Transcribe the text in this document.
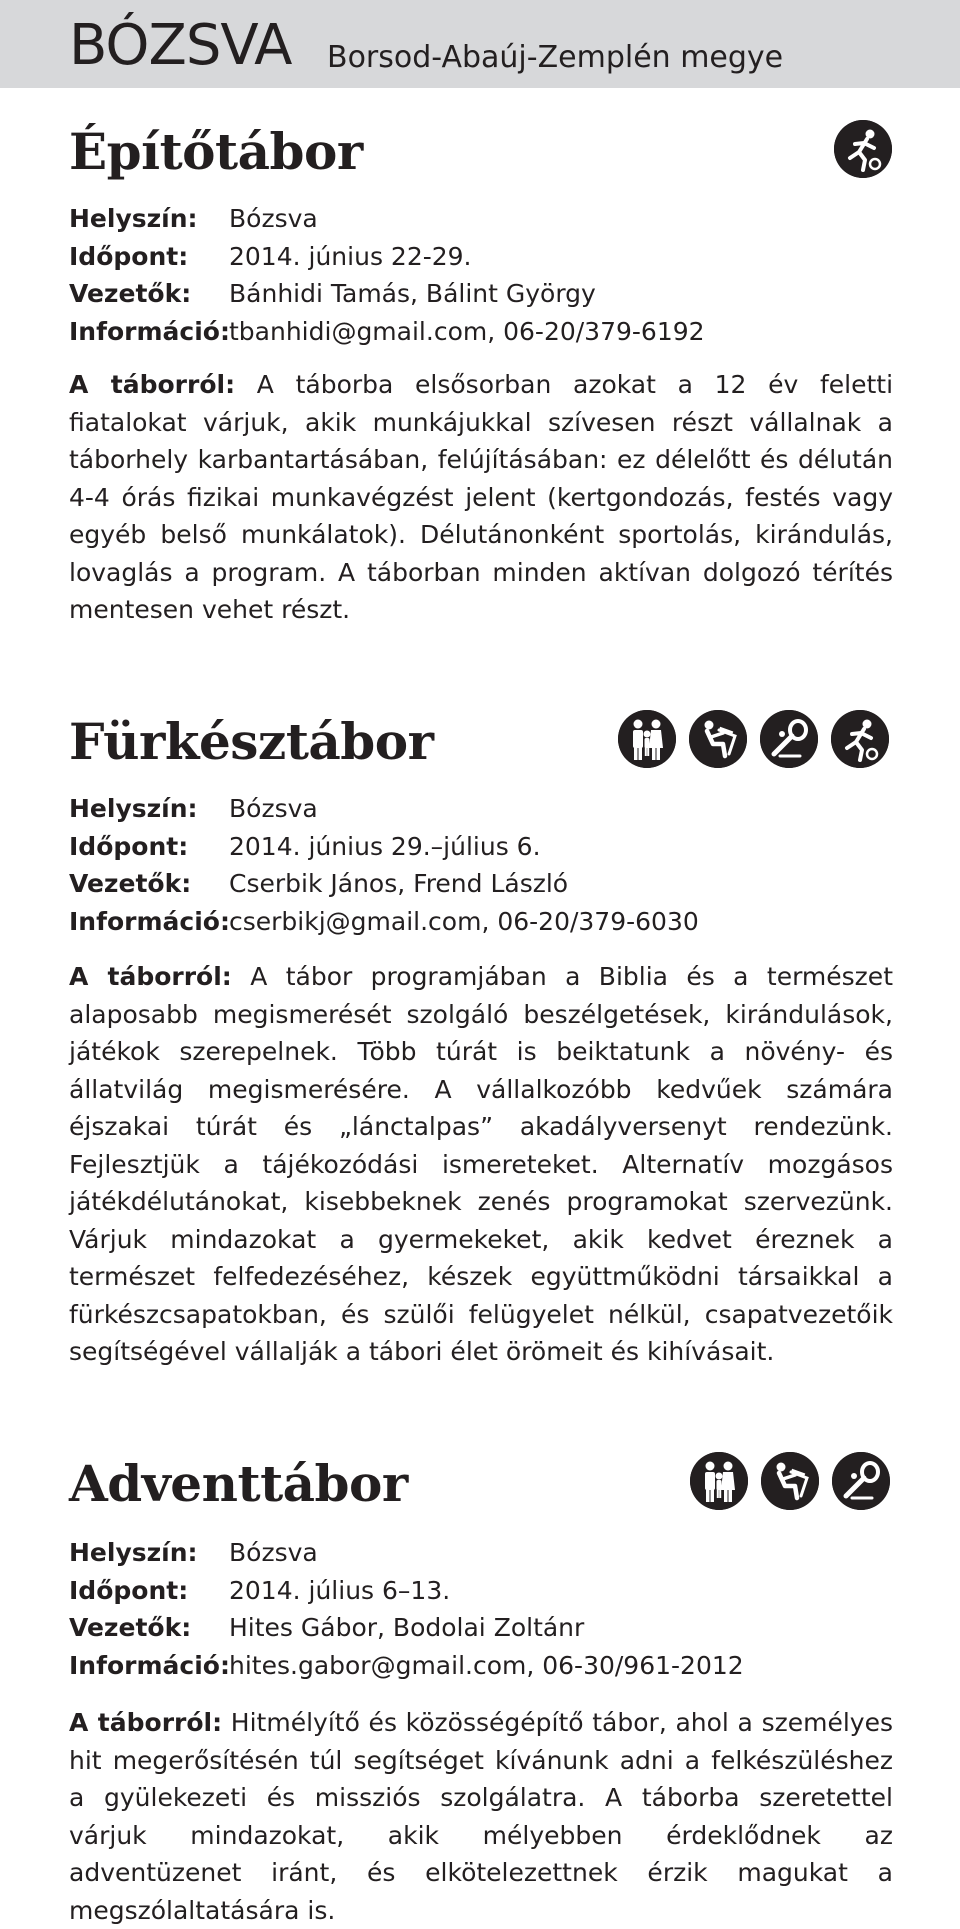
BÓZSVA Borsod-Abaúj-Zemplén megye
Építőtábor
Helyszín:	Bózsva
Időpont:	2014. június 22-29.
Vezetők:	Bánhidi Tamás, Bálint György
Információ: tbanhidi@gmail.com, 06-20/379-6192

A táborról: A táborba elsősorban azokat a 12 év feletti fiatalokat várjuk, akik munkájukkal szívesen részt vállalnak a táborhely karbantartásában, felújításában: ez délelőtt és délután 4-4 órás fizikai munkavégzést jelent (kertgondozás, festés vagy egyéb belső munkálatok). Délutánonként sportolás, kirándulás, lovaglás a program. A táborban minden aktívan dolgozó térítés mentesen vehet részt.

Fürkésztábor
Helyszín:	Bózsva
Időpont:	2014. június 29.–július 6.
Vezetők:	Cserbik János, Frend László
Információ: cserbikj@gmail.com, 06-20/379-6030

A táborról: A tábor programjában a Biblia és a természet alaposabb megismerését szolgáló beszélgetések, kirándulások, játékok szerepelnek. Több túrát is beiktatunk a növény- és állatvilág megismerésére. A vállalkozóbb kedvűek számára éjszakai túrát és „lánctalpas” akadályversenyt rendezünk. Fejlesztjük a tájékozódási ismereteket. Alternatív mozgásos játékdélutánokat, kisebbeknek zenés programokat szervezünk. Várjuk mindazokat a gyermekeket, akik kedvet éreznek a természet felfedezéséhez, készek együttműködni társaikkal a fürkészcsapatokban, és szülői felügyelet nélkül, csapatvezetőik segítségével vállalják a tábori élet örömeit és kihívásait.

Adventtábor
Helyszín:	Bózsva
Időpont:	2014. július 6–13.
Vezetők:	Hites Gábor, Bodolai Zoltánr
Információ: hites.gabor@gmail.com, 06-30/961-2012

A táborról: Hitmélyítő és közösségépítő tábor, ahol a személyes hit megerősítésén túl segítséget kívánunk adni a felkészüléshez a gyülekezeti és missziós szolgálatra. A táborba szeretettel várjuk mindazokat, akik mélyebben érdeklődnek az adventüzenet iránt, és elkötelezettnek érzik magukat a megszólaltatására is.
